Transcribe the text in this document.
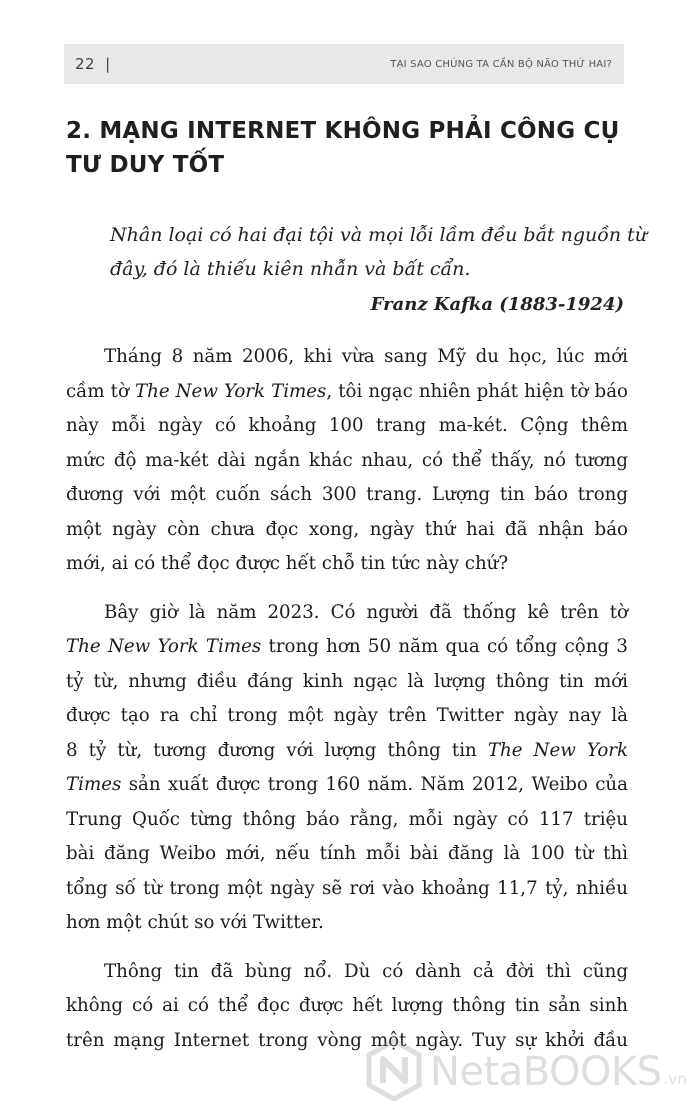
22 |	TẠI SAO CHÚNG TA CẦN BỘ NÃO THỨ HAI?
2. MẠNG INTERNET KHÔNG PHẢI CÔNG CỤ
TƯ DUY TỐT
Nhân loại có hai đại tội và mọi lỗi lầm đều bắt nguồn từ
đây, đó là thiếu kiên nhẫn và bất cẩn.
Franz Kafka (1883-1924)
Tháng 8 năm 2006, khi vừa sang Mỹ du học, lúc mới
cầm tờ The New York Times, tôi ngạc nhiên phát hiện tờ báo
này mỗi ngày có khoảng 100 trang ma-két. Cộng thêm
mức độ ma-két dài ngắn khác nhau, có thể thấy, nó tương
đương với một cuốn sách 300 trang. Lượng tin báo trong
một ngày còn chưa đọc xong, ngày thứ hai đã nhận báo
mới, ai có thể đọc được hết chỗ tin tức này chứ?
Bây giờ là năm 2023. Có người đã thống kê trên tờ
The New York Times trong hơn 50 năm qua có tổng cộng 3
tỷ từ, nhưng điều đáng kinh ngạc là lượng thông tin mới
được tạo ra chỉ trong một ngày trên Twitter ngày nay là
8 tỷ từ, tương đương với lượng thông tin The New York
Times sản xuất được trong 160 năm. Năm 2012, Weibo của
Trung Quốc từng thông báo rằng, mỗi ngày có 117 triệu
bài đăng Weibo mới, nếu tính mỗi bài đăng là 100 từ thì
tổng số từ trong một ngày sẽ rơi vào khoảng 11,7 tỷ, nhiều
hơn một chút so với Twitter.
Thông tin đã bùng nổ. Dù có dành cả đời thì cũng
không có ai có thể đọc được hết lượng thông tin sản sinh
trên mạng Internet trong vòng một ngày. Tuy sự khởi đầu
NetaBOOKS .vn
